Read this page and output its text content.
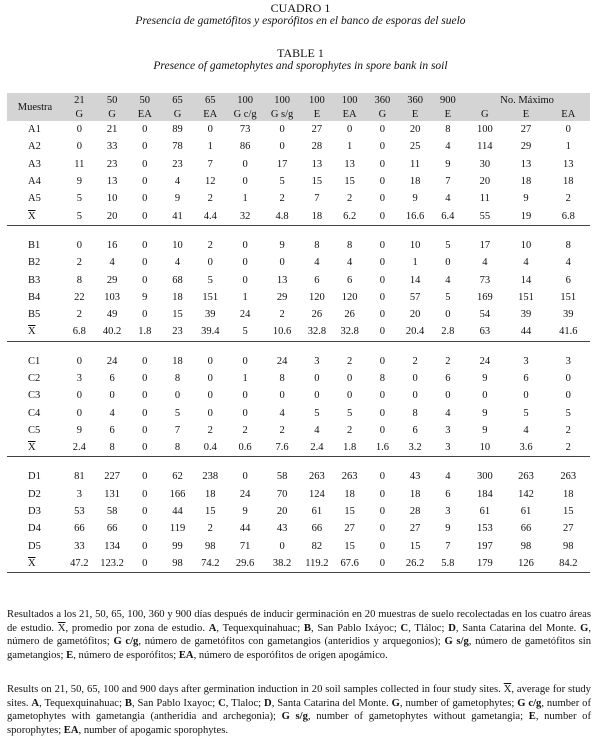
CUADRO 1
Presencia de gametófitos y esporófitos en el banco de esporas del suelo
TABLE 1
Presence of gametophytes and sporophytes in spore bank in soil
Muestra	21	50	50	65	65	100	100	100	100	360	360	900	No. Máximo		
	G	G	EA	G	EA	G c/g	G s/g	E	EA	G	E	E	G	E	EA
A1	0	21	0	89	0	73	0	27	0	0	20	8	100	27	0
A2	0	33	0	78	1	86	0	28	1	0	25	4	114	29	1
A3	11	23	0	23	7	0	17	13	13	0	11	9	30	13	13
A4	9	13	0	4	12	0	5	15	15	0	18	7	20	18	18
A5	5	10	0	9	2	1	2	7	2	0	9	4	11	9	2
$\overline{X}$	5	20	0	41	4.4	32	4.8	18	6.2	0	16.6	6.4	55	19	6.8

B1	0	16	0	10	2	0	9	8	8	0	10	5	17	10	8
B2	2	4	0	4	0	0	0	4	4	0	1	0	4	4	4
B3	8	29	0	68	5	0	13	6	6	0	14	4	73	14	6
B4	22	103	9	18	151	1	29	120	120	0	57	5	169	151	151
B5	2	49	0	15	39	24	2	26	26	0	20	0	54	39	39
$\overline{X}$	6.8	40.2	1.8	23	39.4	5	10.6	32.8	32.8	0	20.4	2.8	63	44	41.6

C1	0	24	0	18	0	0	24	3	2	0	2	2	24	3	3
C2	3	6	0	8	0	1	8	0	0	8	0	6	9	6	0
C3	0	0	0	0	0	0	0	0	0	0	0	0	0	0	0
C4	0	4	0	5	0	0	4	5	5	0	8	4	9	5	5
C5	9	6	0	7	2	2	2	4	2	0	6	3	9	4	2
$\overline{X}$	2.4	8	0	8	0.4	0.6	7.6	2.4	1.8	1.6	3.2	3	10	3.6	2

D1	81	227	0	62	238	0	58	263	263	0	43	4	300	263	263
D2	3	131	0	166	18	24	70	124	18	0	18	6	184	142	18
D3	53	58	0	44	15	9	20	61	15	0	28	3	61	61	15
D4	66	66	0	119	2	44	43	66	27	0	27	9	153	66	27
D5	33	134	0	99	98	71	0	82	15	0	15	7	197	98	98
$\overline{X}$	47.2	123.2	0	98	74.2	29.6	38.2	119.2	67.6	0	26.2	5.8	179	126	84.2
Resultados a los 21, 50, 65, 100, 360 y 900 días después de inducir germinación en 20 muestras de suelo recolectadas en los cuatro áreas de estudio. $\overline{X}$, promedio por zona de estudio. A, Tequexquinahuac; B, San Pablo Ixáyoc; C, Tláloc; D, Santa Catarina del Monte. G, número de gametófitos; G c/g, número de gametófitos con gametangios (anteridios y arquegonios); G s/g, número de gametófitos sin gametangios; E, número de esporófitos; EA, número de esporófitos de origen apogámico.
Results on 21, 50, 65, 100 and 900 days after germination induction in 20 soil samples collected in four study sites. $\overline{X}$, average for study sites. A, Tequexquinahuac; B, San Pablo Ixayoc; C, Tlaloc; D, Santa Catarina del Monte. G, number of gametophytes; G c/g, number of gametophytes with gametangia (antheridia and archegonia); G s/g, number of gametophytes without gametangia; E, number of sporophytes; EA, number of apogamic sporophytes.
